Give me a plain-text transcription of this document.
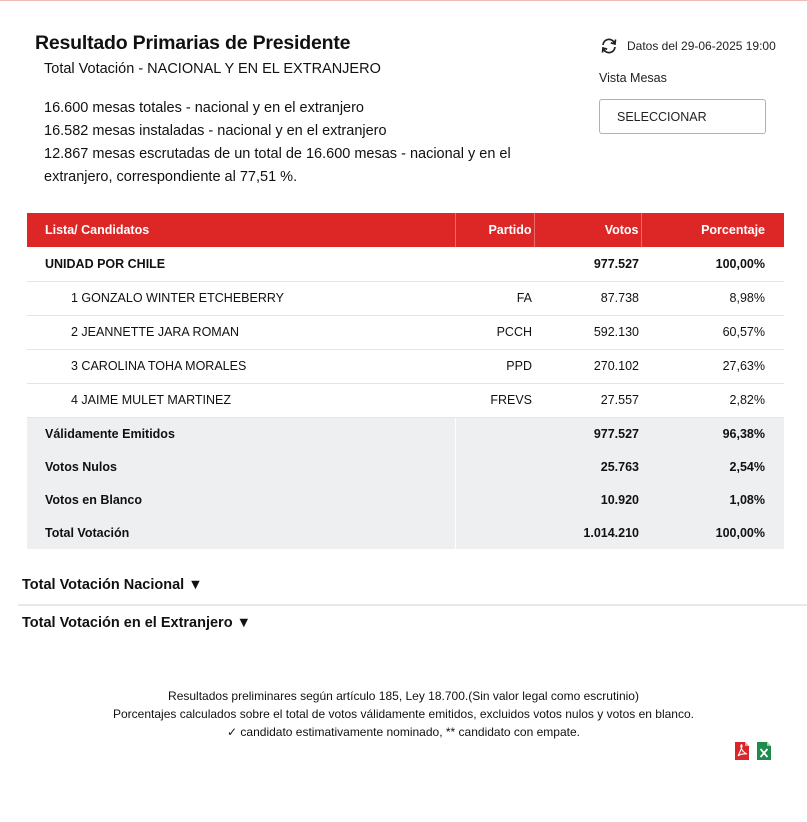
Resultado Primarias de Presidente
Total Votación - NACIONAL Y EN EL EXTRANJERO
16.600 mesas totales - nacional y en el extranjero
16.582 mesas instaladas - nacional y en el extranjero
12.867 mesas escrutadas de un total de 16.600 mesas - nacional y en el extranjero, correspondiente al 77,51 %.
Datos del 29-06-2025 19:00
Vista Mesas
SELECCIONAR
Lista/ Candidatos	Partido	Votos	Porcentaje
UNIDAD POR CHILE		977.527	100,00%
1 GONZALO WINTER ETCHEBERRY	FA	87.738	8,98%
2 JEANNETTE JARA ROMAN	PCCH	592.130	60,57%
3 CAROLINA TOHA MORALES	PPD	270.102	27,63%
4 JAIME MULET MARTINEZ	FREVS	27.557	2,82%
Válidamente Emitidos		977.527	96,38%
Votos Nulos		25.763	2,54%
Votos en Blanco		10.920	1,08%
Total Votación		1.014.210	100,00%
Total Votación Nacional ▼
Total Votación en el Extranjero ▼
Resultados preliminares según artículo 185, Ley 18.700.(Sin valor legal como escrutinio)
Porcentajes calculados sobre el total de votos válidamente emitidos, excluidos votos nulos y votos en blanco.
✓ candidato estimativamente nominado, ** candidato con empate.
